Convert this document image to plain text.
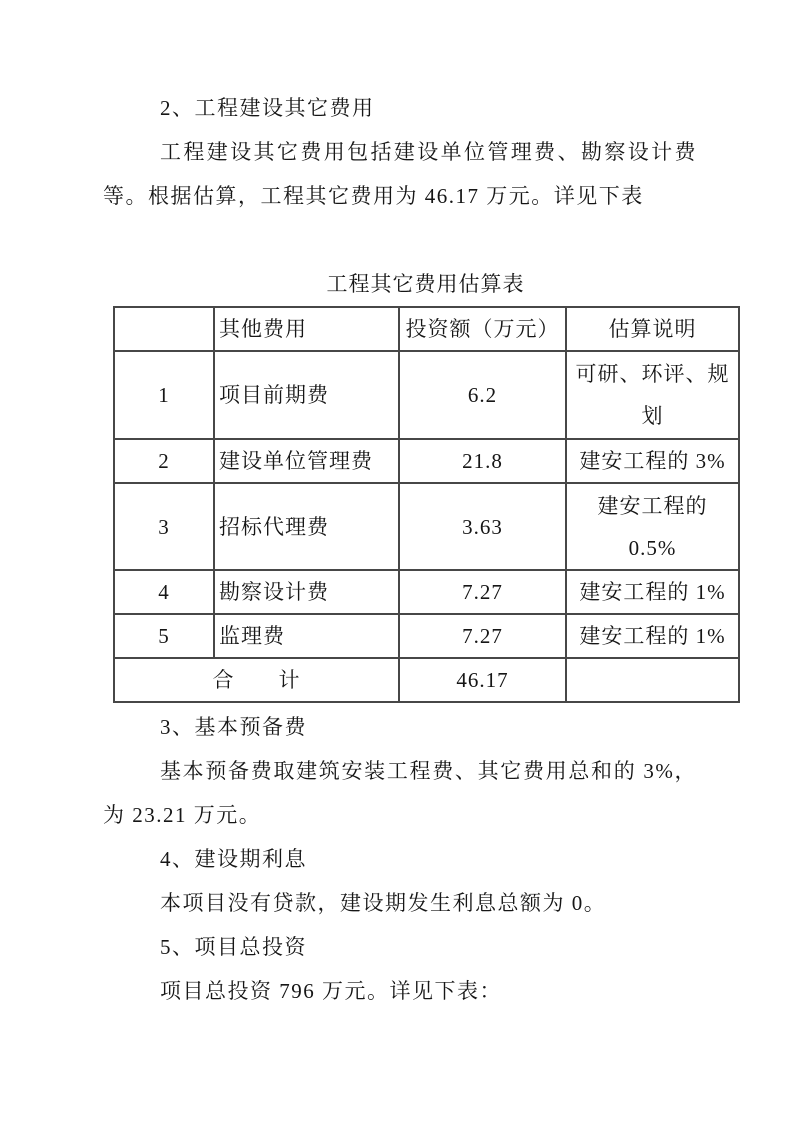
2、工程建设其它费用

工程建设其它费用包括建设单位管理费、勘察设计费等。根据估算，工程其它费用为 46.17 万元。详见下表

工程其它费用估算表

	其他费用	投资额（万元）	估算说明
1	项目前期费	6.2	可研、环评、规划
2	建设单位管理费	21.8	建安工程的 3%
3	招标代理费	3.63	建安工程的 0.5%
4	勘察设计费	7.27	建安工程的 1%
5	监理费	7.27	建安工程的 1%
合　　计		46.17	

3、基本预备费

基本预备费取建筑安装工程费、其它费用总和的 3%，为 23.21 万元。

4、建设期利息

本项目没有贷款，建设期发生利息总额为 0。

5、项目总投资

项目总投资 796 万元。详见下表：
